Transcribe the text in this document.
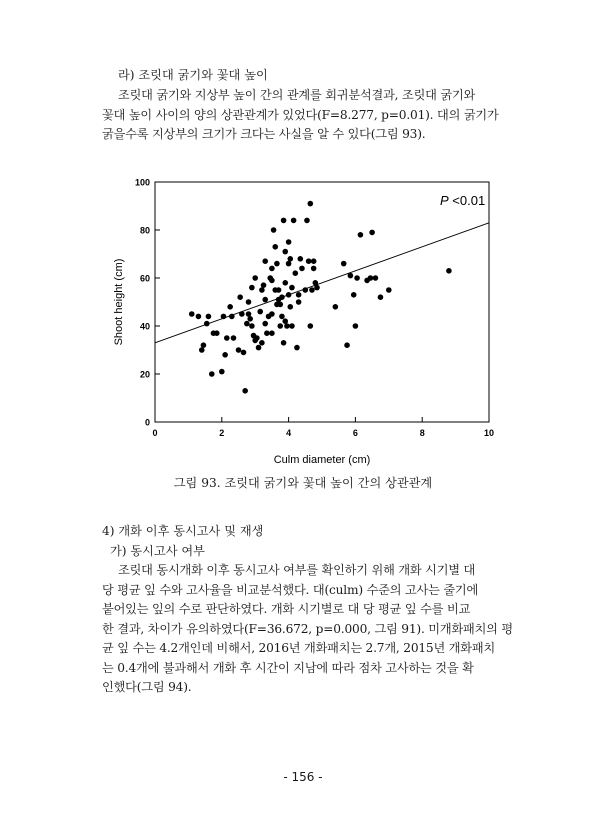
라) 조릿대 굵기와 꽃대 높이
조릿대 굵기와 지상부 높이 간의 관계를 회귀분석결과, 조릿대 굵기와
꽃대 높이 사이의 양의 상관관계가 있었다(F=8.277, p=0.01). 대의 굵기가
굵을수록 지상부의 크기가 크다는 사실을 알 수 있다(그림 93).
0
20
40
60
80
100
0	2	4	6	8	10
P <0.01
Culm diameter (cm)
Shoot height (cm)
그림 93. 조릿대 굵기와 꽃대 높이 간의 상관관계
4) 개화 이후 동시고사 및 재생
가) 동시고사 여부
조릿대 동시개화 이후 동시고사 여부를 확인하기 위해 개화 시기별 대
당 평균 잎 수와 고사율을 비교분석했다. 대(culm) 수준의 고사는 줄기에
붙어있는 잎의 수로 판단하였다. 개화 시기별로 대 당 평균 잎 수를 비교
한 결과, 차이가 유의하였다(F=36.672, p=0.000, 그림 91). 미개화패치의 평
균 잎 수는 4.2개인데 비해서, 2016년 개화패치는 2.7개, 2015년 개화패치
는 0.4개에 불과해서 개화 후 시간이 지남에 따라 점차 고사하는 것을 확
인했다(그림 94).
- 156 -
